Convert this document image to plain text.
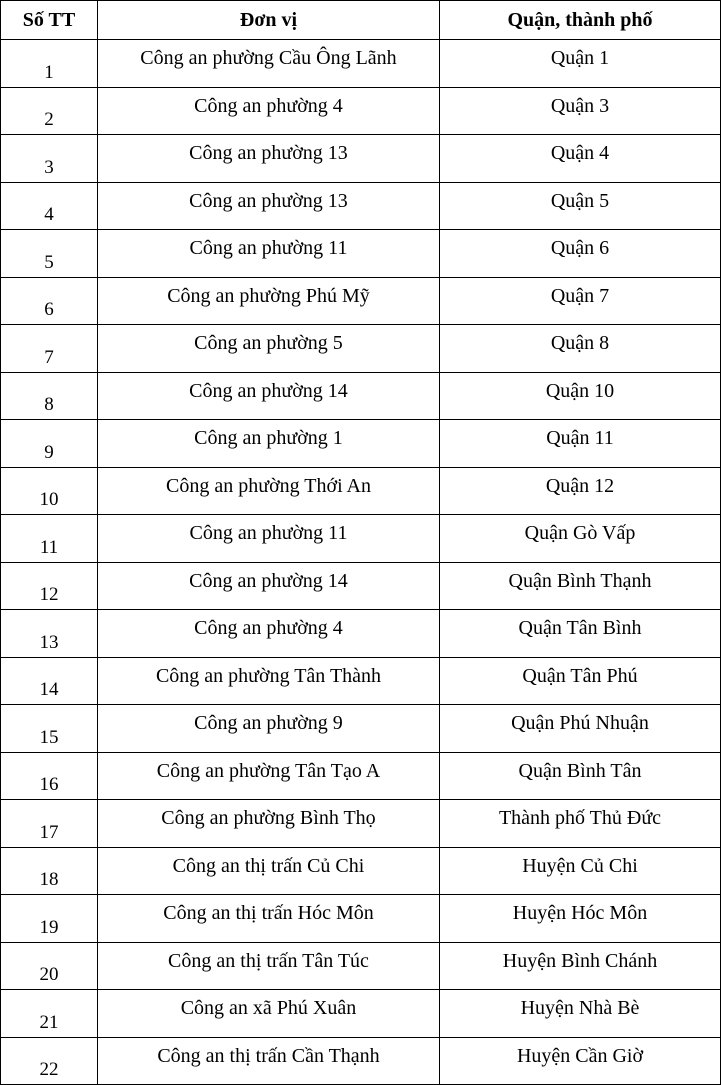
Số TT	Đơn vị	Quận, thành phố
1	Công an phường Cầu Ông Lãnh	Quận 1
2	Công an phường 4	Quận 3
3	Công an phường 13	Quận 4
4	Công an phường 13	Quận 5
5	Công an phường 11	Quận 6
6	Công an phường Phú Mỹ	Quận 7
7	Công an phường 5	Quận 8
8	Công an phường 14	Quận 10
9	Công an phường 1	Quận 11
10	Công an phường Thới An	Quận 12
11	Công an phường 11	Quận Gò Vấp
12	Công an phường 14	Quận Bình Thạnh
13	Công an phường 4	Quận Tân Bình
14	Công an phường Tân Thành	Quận Tân Phú
15	Công an phường 9	Quận Phú Nhuận
16	Công an phường Tân Tạo A	Quận Bình Tân
17	Công an phường Bình Thọ	Thành phố Thủ Đức
18	Công an thị trấn Củ Chi	Huyện Củ Chi
19	Công an thị trấn Hóc Môn	Huyện Hóc Môn
20	Công an thị trấn Tân Túc	Huyện Bình Chánh
21	Công an xã Phú Xuân	Huyện Nhà Bè
22	Công an thị trấn Cần Thạnh	Huyện Cần Giờ
